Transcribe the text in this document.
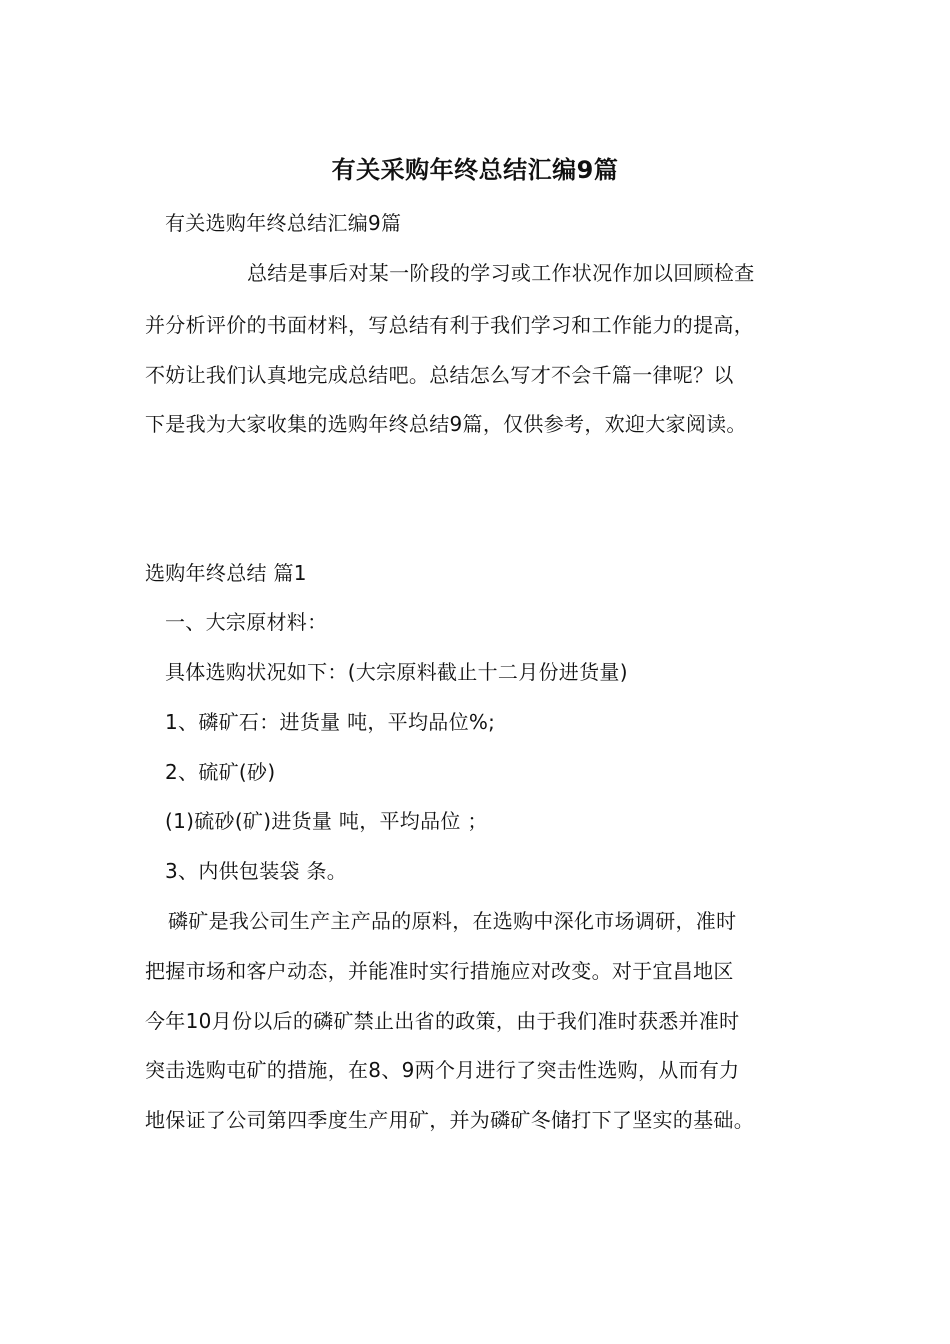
有关采购年终总结汇编9篇
有关选购年终总结汇编9篇
总结是事后对某一阶段的学习或工作状况作加以回顾检查
并分析评价的书面材料，写总结有利于我们学习和工作能力的提高，
不妨让我们认真地完成总结吧。总结怎么写才不会千篇一律呢？以
下是我为大家收集的选购年终总结9篇，仅供参考，欢迎大家阅读。
选购年终总结 篇1
一、大宗原材料：
具体选购状况如下：(大宗原料截止十二月份进货量)
1、磷矿石：进货量 吨，平均品位%;
2、硫矿(砂)
(1)硫砂(矿)进货量 吨，平均品位 ；
3、内供包装袋 条。
磷矿是我公司生产主产品的原料，在选购中深化市场调研，准时
把握市场和客户动态，并能准时实行措施应对改变。对于宜昌地区
今年10月份以后的磷矿禁止出省的政策，由于我们准时获悉并准时
突击选购屯矿的措施，在8、9两个月进行了突击性选购，从而有力
地保证了公司第四季度生产用矿，并为磷矿冬储打下了坚实的基础。
